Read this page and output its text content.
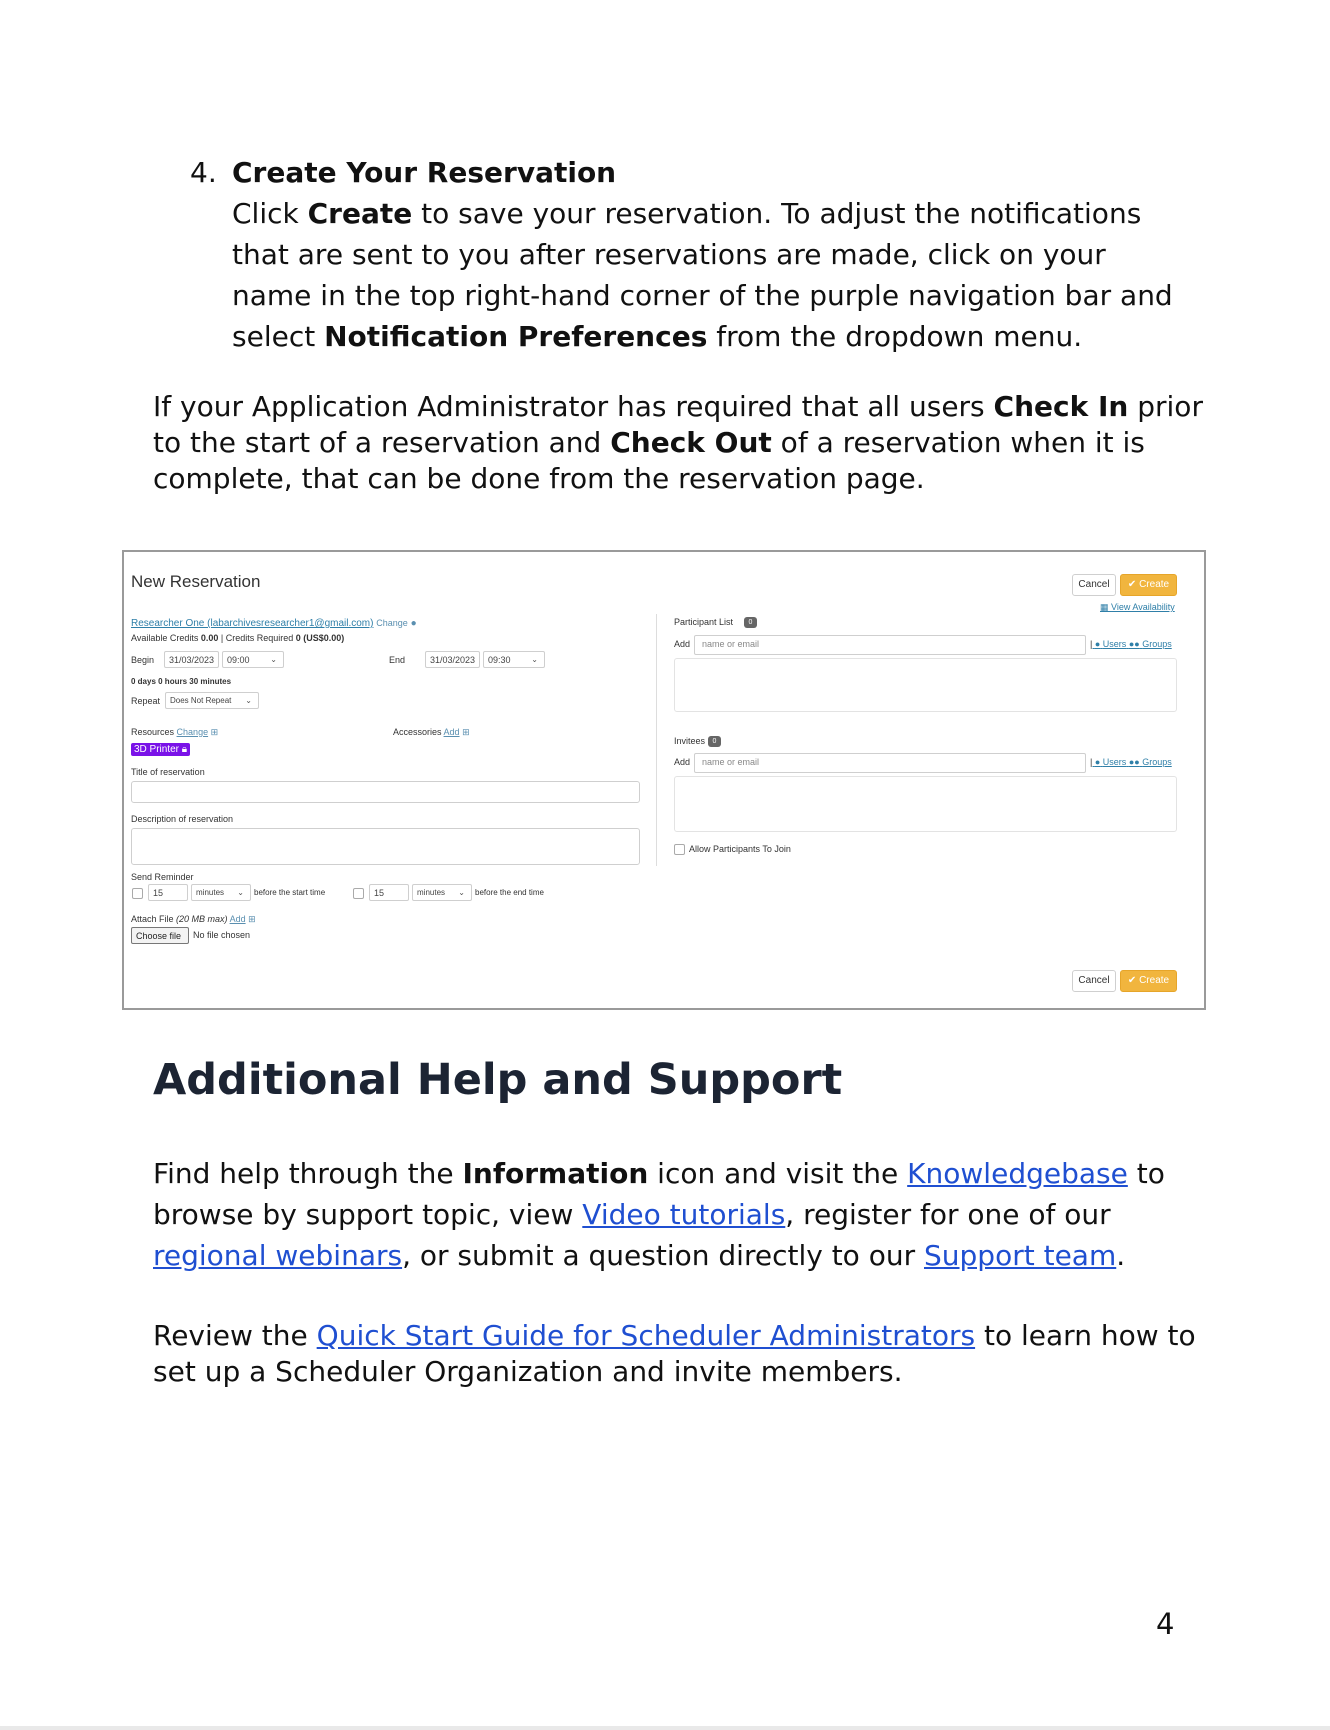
4. Create Your Reservation
Click Create to save your reservation. To adjust the notifications
that are sent to you after reservations are made, click on your
name in the top right-hand corner of the purple navigation bar and
select Notification Preferences from the dropdown menu.
If your Application Administrator has required that all users Check In prior to the start of a reservation and Check Out of a reservation when it is complete, that can be done from the reservation page.
New Reservation	Cancel	✔ Create
▦ View Availability
Researcher One (labarchivesresearcher1@gmail.com) Change ●
Available Credits 0.00 | Credits Required 0 (US$0.00)
Begin	31/03/2023	09:00	⌄	End	31/03/2023	09:30	⌄
0 days 0 hours 30 minutes
Repeat	Does Not Repeat ⌄
Resources Change ⊞	Accessories Add ⊞
3D Printer 🔒︎
Title of reservation
Description of reservation
Send Reminder
15	minutes ⌄ before the start time	15	minutes ⌄ before the end time
Attach File (20 MB max) Add ⊞
Choose file	No file chosen
Participant List	0
Add	name or email	| ● Users ●● Groups
Invitees	0
Add	name or email	| ● Users ●● Groups
Allow Participants To Join
Cancel	✔ Create
Additional Help and Support
Find help through the Information icon and visit the Knowledgebase to
browse by support topic, view Video tutorials, register for one of our
regional webinars, or submit a question directly to our Support team.
Review the Quick Start Guide for Scheduler Administrators to learn how to
set up a Scheduler Organization and invite members.
4
